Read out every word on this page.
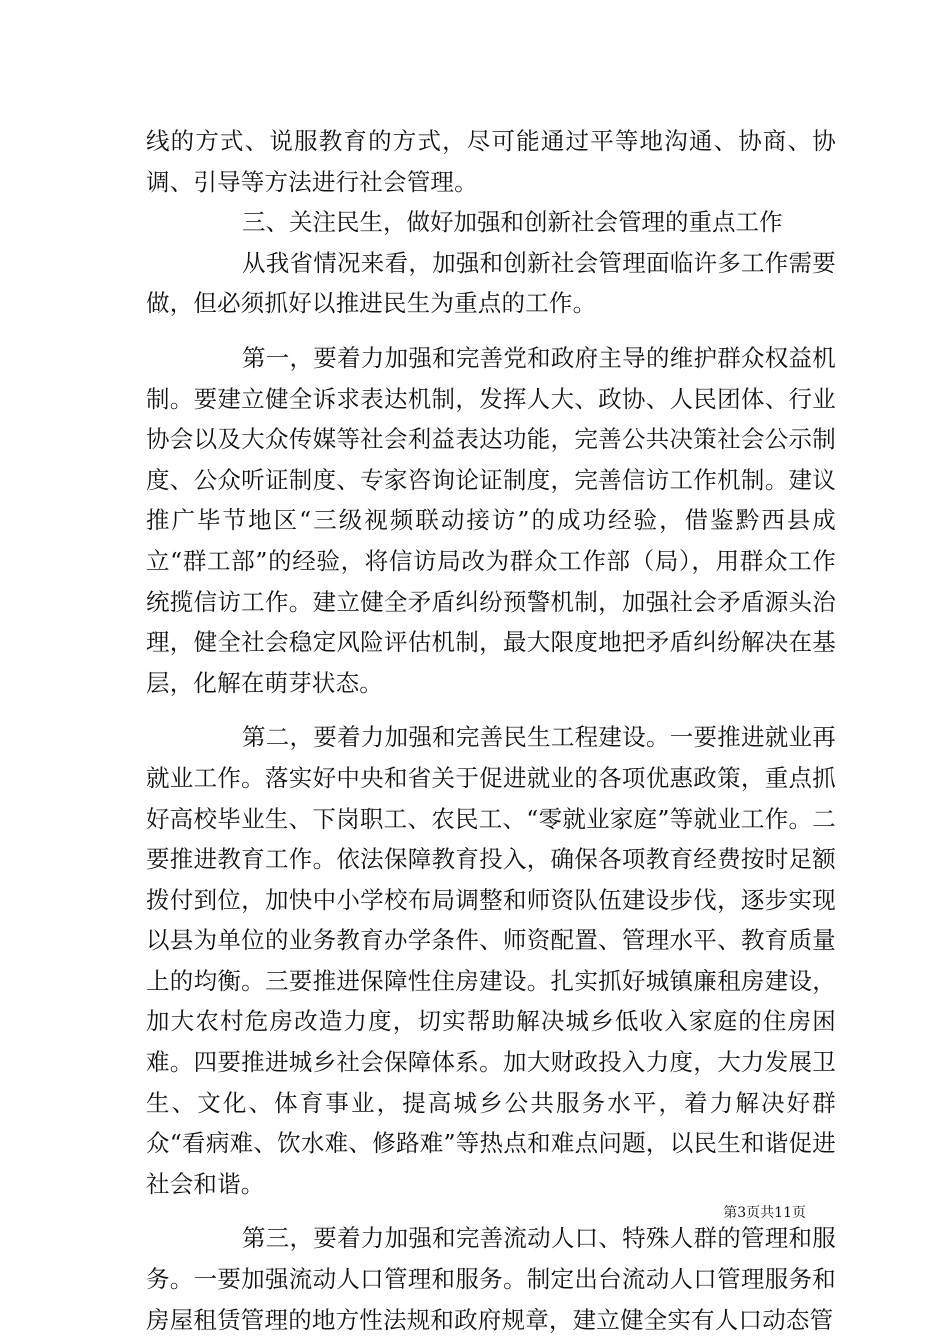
线的方式、说服教育的方式，尽可能通过平等地沟通、协商、协调、引导等方法进行社会管理。

三、关注民生，做好加强和创新社会管理的重点工作

从我省情况来看，加强和创新社会管理面临许多工作需要做，但必须抓好以推进民生为重点的工作。

第一，要着力加强和完善党和政府主导的维护群众权益机制。要建立健全诉求表达机制，发挥人大、政协、人民团体、行业协会以及大众传媒等社会利益表达功能，完善公共决策社会公示制度、公众听证制度、专家咨询论证制度，完善信访工作机制。建议推广毕节地区“三级视频联动接访”的成功经验，借鉴黔西县成立“群工部”的经验，将信访局改为群众工作部（局），用群众工作统揽信访工作。建立健全矛盾纠纷预警机制，加强社会矛盾源头治理，健全社会稳定风险评估机制，最大限度地把矛盾纠纷解决在基层，化解在萌芽状态。

第二，要着力加强和完善民生工程建设。一要推进就业再就业工作。落实好中央和省关于促进就业的各项优惠政策，重点抓好高校毕业生、下岗职工、农民工、“零就业家庭”等就业工作。二要推进教育工作。依法保障教育投入，确保各项教育经费按时足额拨付到位，加快中小学校布局调整和师资队伍建设步伐，逐步实现以县为单位的业务教育办学条件、师资配置、管理水平、教育质量上的均衡。三要推进保障性住房建设。扎实抓好城镇廉租房建设，加大农村危房改造力度，切实帮助解决城乡低收入家庭的住房困难。四要推进城乡社会保障体系。加大财政投入力度，大力发展卫生、文化、体育事业，提高城乡公共服务水平，着力解决好群众“看病难、饮水难、修路难”等热点和难点问题，以民生和谐促进社会和谐。

第三，要着力加强和完善流动人口、特殊人群的管理和服务。一要加强流动人口管理和服务。制定出台流动人口管理服务和房屋租赁管理的地方性法规和政府规章，建立健全实有人口动态管

第3页共11页
